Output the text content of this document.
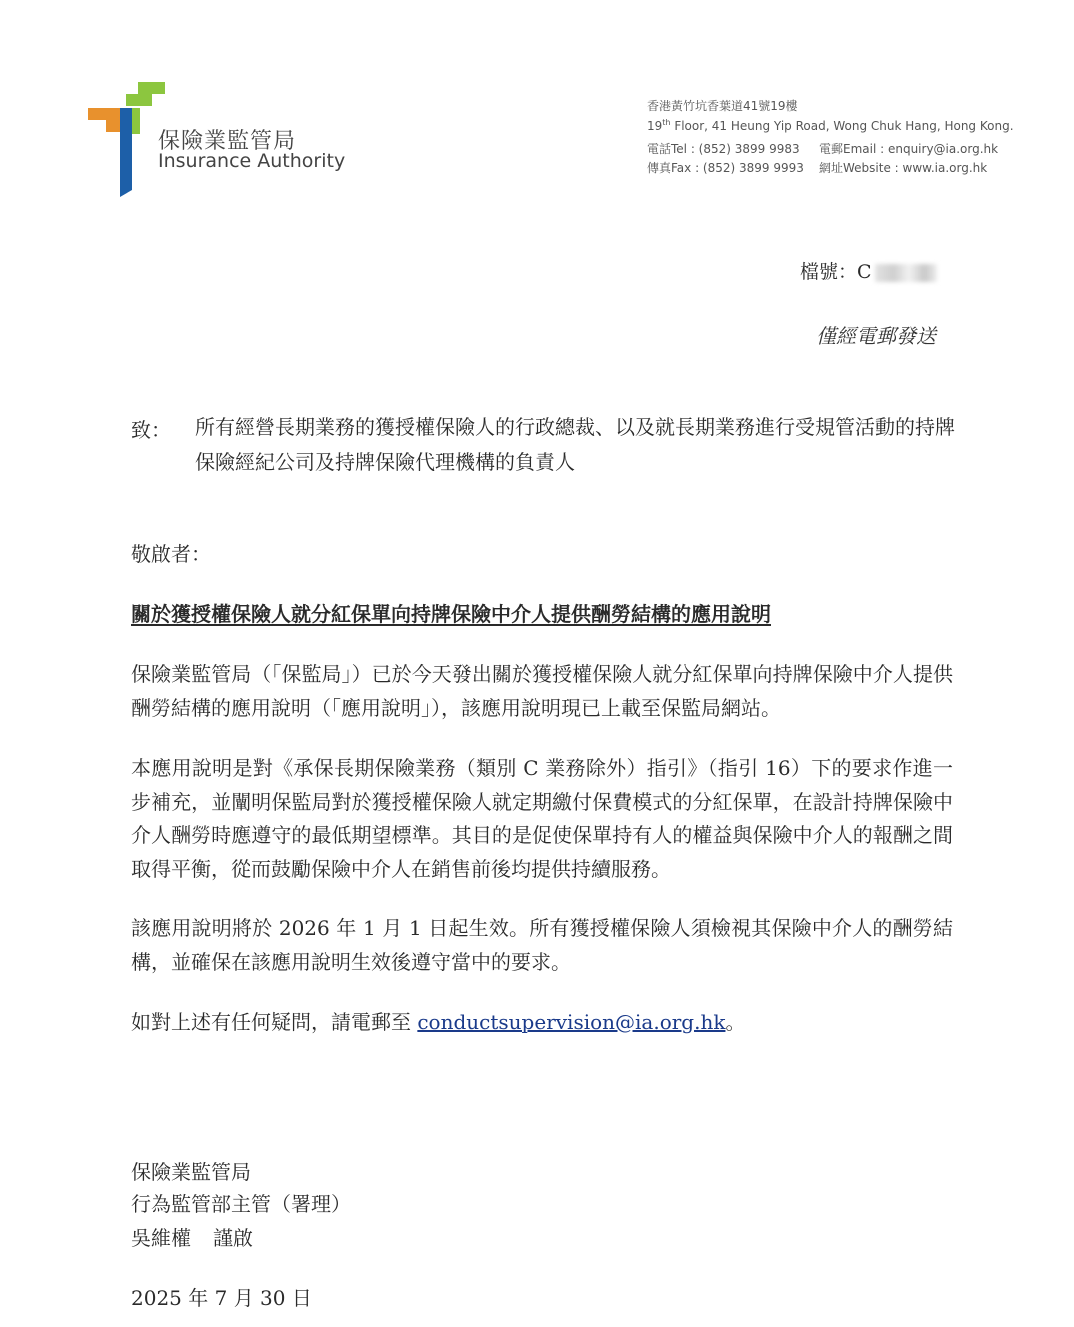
保險業監管局
Insurance Authority
香港黃竹坑香葉道41號19樓
19th Floor, 41 Heung Yip Road, Wong Chuk Hang, Hong Kong.
電話Tel : (852) 3899 9983
傳真Fax : (852) 3899 9993
電郵Email : enquiry@ia.org.hk
網址Website : www.ia.org.hk
檔號：C
僅經電郵發送
致： 所有經營長期業務的獲授權保險人的行政總裁、以及就長期業務進行受規管活動的持牌保險經紀公司及持牌保險代理機構的負責人
敬啟者：
關於獲授權保險人就分紅保單向持牌保險中介人提供酬勞結構的應用說明
保險業監管局（「保監局」）已於今天發出關於獲授權保險人就分紅保單向持牌保險中介人提供酬勞結構的應用說明（「應用說明」），該應用說明現已上載至保監局網站。
本應用說明是對《承保長期保險業務（類別 C 業務除外）指引》（指引 16）下的要求作進一步補充，並闡明保監局對於獲授權保險人就定期繳付保費模式的分紅保單，在設計持牌保險中介人酬勞時應遵守的最低期望標準。其目的是促使保單持有人的權益與保險中介人的報酬之間取得平衡，從而鼓勵保險中介人在銷售前後均提供持續服務。
該應用說明將於 2026 年 1 月 1 日起生效。所有獲授權保險人須檢視其保險中介人的酬勞結構，並確保在該應用說明生效後遵守當中的要求。
如對上述有任何疑問，請電郵至 conductsupervision@ia.org.hk。
保險業監管局
行為監管部主管（署理）
吳維權 謹啟
2025 年 7 月 30 日
